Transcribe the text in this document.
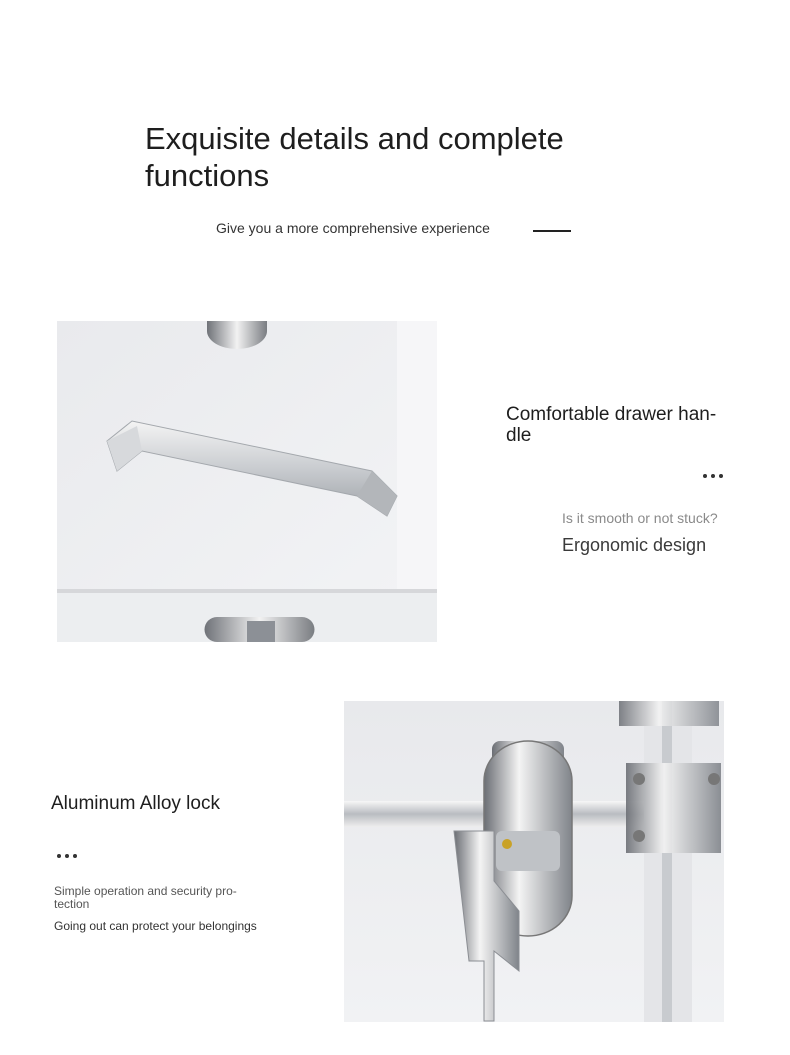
Exquisite details and complete functions
Give you a more comprehensive experience
Comfortable drawer han-
dle
Is it smooth or not stuck?
Ergonomic design
Aluminum Alloy lock
Simple operation and security pro-
tection
Going out can protect your belongings
